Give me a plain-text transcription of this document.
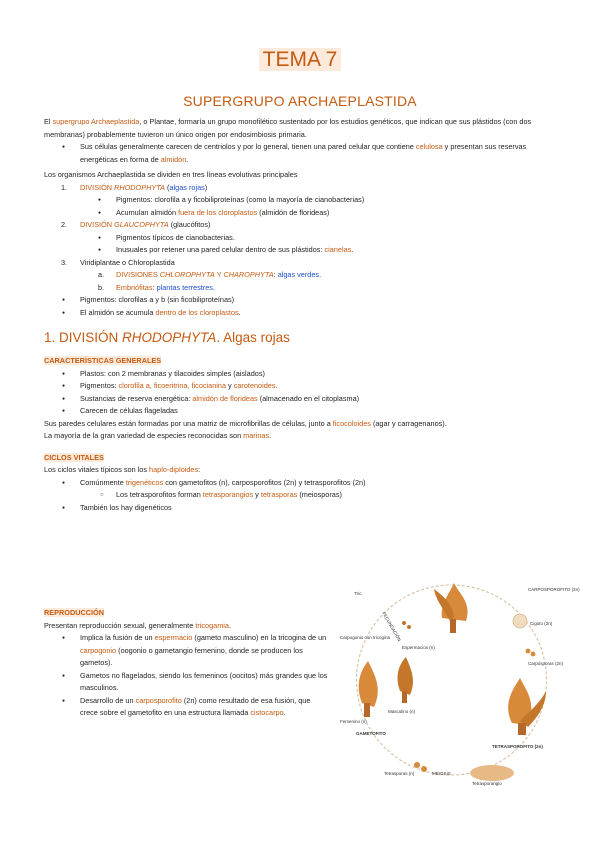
TEMA 7
SUPERGRUPO ARCHAEPLASTIDA

El supergrupo Archaeplastida, o Plantae, formaría un grupo monofilético sustentado por los estudios genéticos, que indican que sus plástidos (con dos membranas) probablemente tuvieron un único origen por endosimbiosis primaria.

● Sus células generalmente carecen de centriolos y por lo general, tienen una pared celular que contiene celulosa y presentan sus reservas energéticas en forma de almidón.

Los organismos Archaeplastida se dividen en tres líneas evolutivas principales

1. DIVISIÓN RHODOPHYTA (algas rojas)
● Pigmentos: clorofila a y ficobiliproteínas (como la mayoría de cianobacterias)
● Acumulan almidón fuera de los cloroplastos (almidón de florideas)
2. DIVISIÓN GLAUCOPHYTA (glaucófitos)
● Pigmentos típicos de cianobacterias.
● Inusuales por retener una pared celular dentro de sus plástidos: cianelas.
3. Viridiplantae o Chloroplastida
a. DIVISIONES CHLOROPHYTA Y CHAROPHYTA: algas verdes.
b. Embriófitas: plantas terrestres.
● Pigmentos: clorofilas a y b (sin ficobiliproteínas)
● El almidón se acumula dentro de los cloroplastos.
1. DIVISIÓN RHODOPHYTA. Algas rojas
CARACTERÍSTICAS GENERALES
● Plastos: con 2 membranas y tilacoides simples (aislados)
● Pigmentos: clorofila a, ficoeritrina, ficocianina y carotenoides.
● Sustancias de reserva energética: almidón de florideas (almacenado en el citoplasma)
● Carecen de células flageladas

Sus paredes celulares están formadas por una matriz de microfibrillas de células, junto a ficocoloides (agar y carragenanos).

La mayoría de la gran variedad de especies reconocidas son marinas.

CICLOS VITALES

Los ciclos vitales típicos son los haplo-diploides:

● Comúnmente trigenéticos con gametofitos (n), carposporofitos (2n) y tetrasporofitos (2n)
○ Los tetrasporofitos forman tetrasporangios y tetrasporas (meiosporas)
● También los hay digenéticos
REPRODUCCIÓN

Presentan reproducción sexual, generalmente tricogamia.

● Implica la fusión de un espermacio (gameto masculino) en la tricogina de un carpogonio (oogonio o gametangio femenino, donde se producen los gametos).
● Gametos no flagelados, siendo los femeninos (oocitos) más grandes que los masculinos.
● Desarrollo de un carposporofito (2n) como resultado de esa fusión, que crece sobre el gametofito en una estructura llamada cistocarpo.
CARPOSPOROFITO (2n)
Cigoto (2n)
Carpósporas (2n)
TETRASPOROFITO (2n)
Tetrasporangio
MEIOSIS
Tetrasporas (n)
GAMETOFITO
Femenino (n)
Masculino (n)
Carpogonio con tricogina
Espermacios (n)
FECUNDACIÓN
Tric.
